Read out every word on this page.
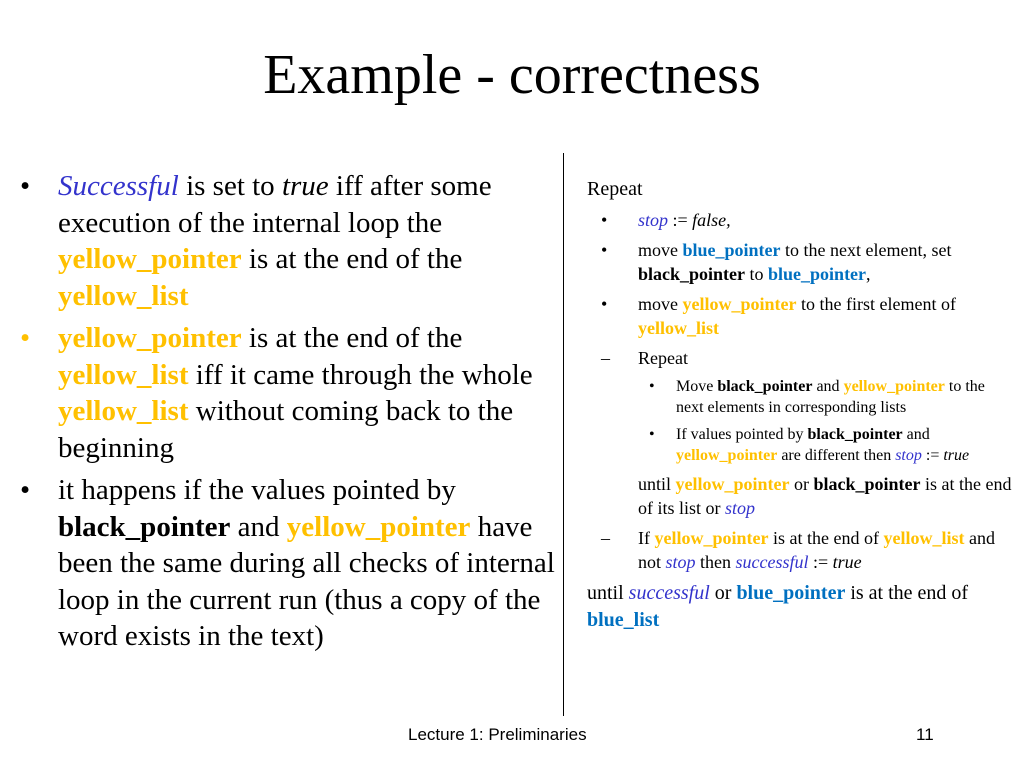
Example - correctness
• Successful is set to true iff after some execution of the internal loop the yellow_pointer is at the end of the yellow_list
• yellow_pointer is at the end of the yellow_list iff it came through the whole yellow_list without coming back to the beginning
• it happens if the values pointed by black_pointer and yellow_pointer have been the same during all checks of internal loop in the current run (thus a copy of the word exists in the text)
Repeat
• stop := false,
• move blue_pointer to the next element, set black_pointer to blue_pointer,
• move yellow_pointer to the first element of yellow_list
– Repeat
• Move black_pointer and yellow_pointer to the next elements in corresponding lists
• If values pointed by black_pointer and yellow_pointer are different then stop := true
until yellow_pointer or black_pointer is at the end of its list or stop
– If yellow_pointer is at the end of yellow_list and not stop then successful := true
until successful or blue_pointer is at the end of blue_list
Lecture 1: Preliminaries	11
